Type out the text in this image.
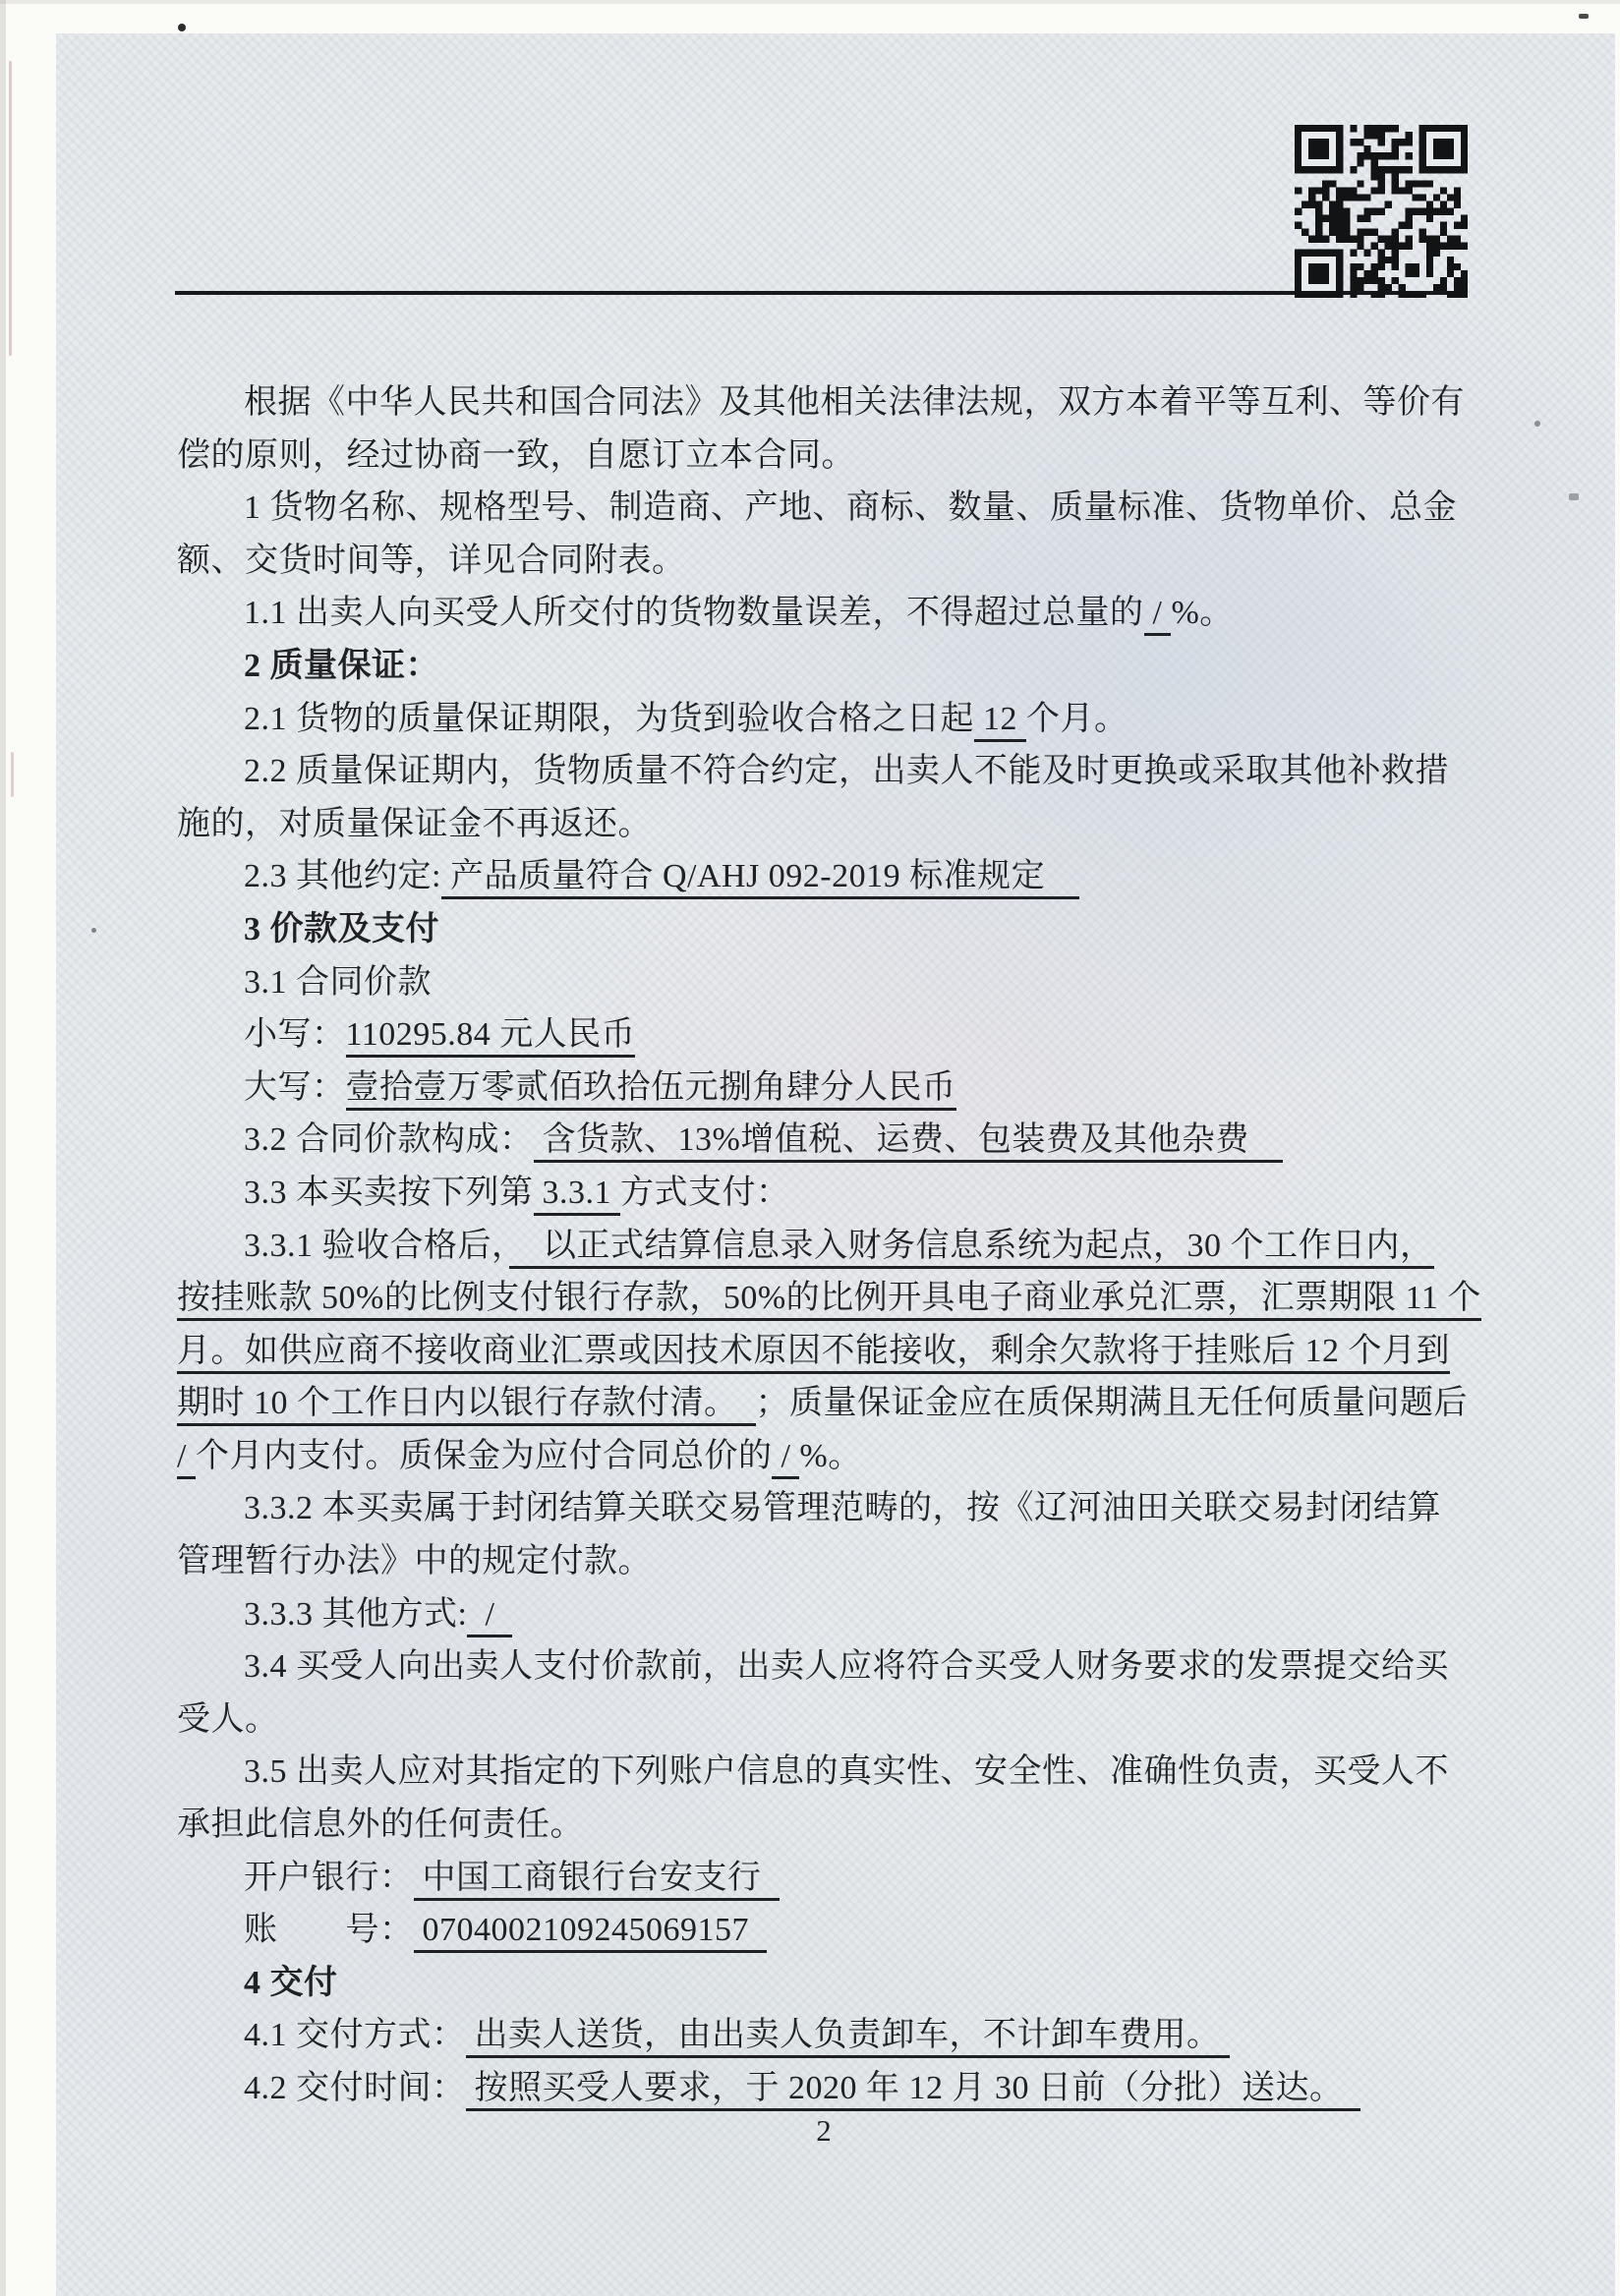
根据《中华人民共和国合同法》及其他相关法律法规，双方本着平等互利、等价有
偿的原则，经过协商一致，自愿订立本合同。
1 货物名称、规格型号、制造商、产地、商标、数量、质量标准、货物单价、总金
额、交货时间等，详见合同附表。
1.1 出卖人向买受人所交付的货物数量误差，不得超过总量的 / %。
2 质量保证：
2.1 货物的质量保证期限，为货到验收合格之日起 12 个月。
2.2 质量保证期内，货物质量不符合约定，出卖人不能及时更换或采取其他补救措
施的，对质量保证金不再返还。
2.3 其他约定: 产品质量符合 Q/AHJ 092-2019 标准规定　
3 价款及支付
3.1 合同价款
小写：110295.84 元人民币
大写：壹拾壹万零贰佰玖拾伍元捌角肆分人民币
3.2 合同价款构成： 含货款、13%增值税、运费、包装费及其他杂费　
3.3 本买卖按下列第 3.3.1 方式支付：
3.3.1 验收合格后，　以正式结算信息录入财务信息系统为起点，30 个工作日内，
按挂账款 50%的比例支付银行存款，50%的比例开具电子商业承兑汇票，汇票期限 11 个
月。如供应商不接收商业汇票或因技术原因不能接收，剩余欠款将于挂账后 12 个月到
期时 10 个工作日内以银行存款付清。  ；质量保证金应在质保期满且无任何质量问题后
/ 个月内支付。质保金为应付合同总价的 / %。
3.3.2 本买卖属于封闭结算关联交易管理范畴的，按《辽河油田关联交易封闭结算
管理暂行办法》中的规定付款。
3.3.3 其他方式:  /
3.4 买受人向出卖人支付价款前，出卖人应将符合买受人财务要求的发票提交给买
受人。
3.5 出卖人应对其指定的下列账户信息的真实性、安全性、准确性负责，买受人不
承担此信息外的任何责任。
开户银行： 中国工商银行台安支行
账　　号： 0704002109245069157
4 交付
4.1 交付方式： 出卖人送货，由出卖人负责卸车，不计卸车费用。
4.2 交付时间： 按照买受人要求，于 2020 年 12 月 30 日前（分批）送达。　
2
